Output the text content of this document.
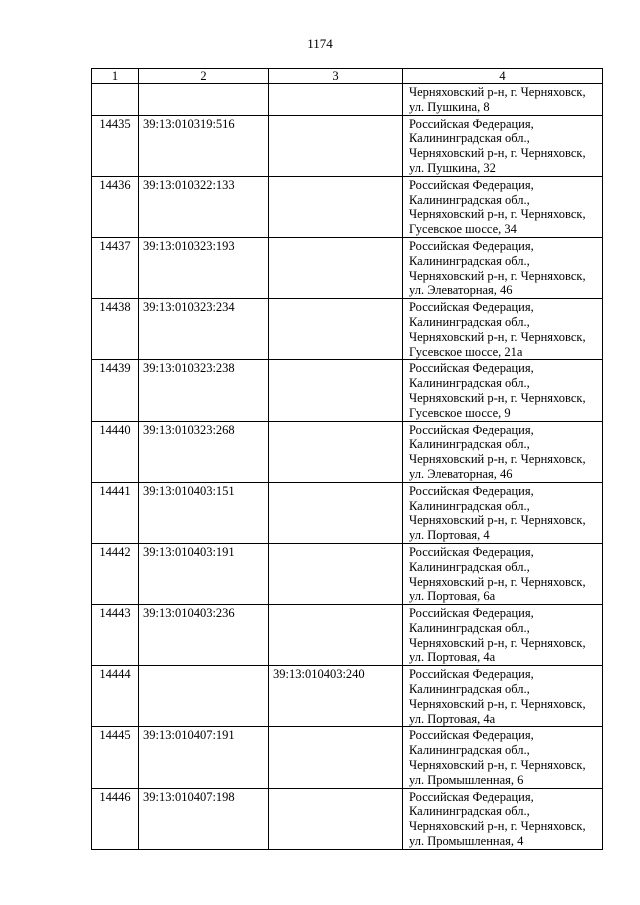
1174
1	2	3	4

			Черняховский р-н, г. Черняховск,
ул. Пушкина, 8

14435	39:13:010319:516		Российская Федерация,
Калининградская обл.,
Черняховский р-н, г. Черняховск,
ул. Пушкина, 32

14436	39:13:010322:133		Российская Федерация,
Калининградская обл.,
Черняховский р-н, г. Черняховск,
Гусевское шоссе, 34

14437	39:13:010323:193		Российская Федерация,
Калининградская обл.,
Черняховский р-н, г. Черняховск,
ул. Элеваторная, 46

14438	39:13:010323:234		Российская Федерация,
Калининградская обл.,
Черняховский р-н, г. Черняховск,
Гусевское шоссе, 21а

14439	39:13:010323:238		Российская Федерация,
Калининградская обл.,
Черняховский р-н, г. Черняховск,
Гусевское шоссе, 9

14440	39:13:010323:268		Российская Федерация,
Калининградская обл.,
Черняховский р-н, г. Черняховск,
ул. Элеваторная, 46

14441	39:13:010403:151		Российская Федерация,
Калининградская обл.,
Черняховский р-н, г. Черняховск,
ул. Портовая, 4

14442	39:13:010403:191		Российская Федерация,
Калининградская обл.,
Черняховский р-н, г. Черняховск,
ул. Портовая, 6а

14443	39:13:010403:236		Российская Федерация,
Калининградская обл.,
Черняховский р-н, г. Черняховск,
ул. Портовая, 4а

14444		39:13:010403:240	Российская Федерация,
Калининградская обл.,
Черняховский р-н, г. Черняховск,
ул. Портовая, 4а

14445	39:13:010407:191		Российская Федерация,
Калининградская обл.,
Черняховский р-н, г. Черняховск,
ул. Промышленная, 6

14446	39:13:010407:198		Российская Федерация,
Калининградская обл.,
Черняховский р-н, г. Черняховск,
ул. Промышленная, 4
